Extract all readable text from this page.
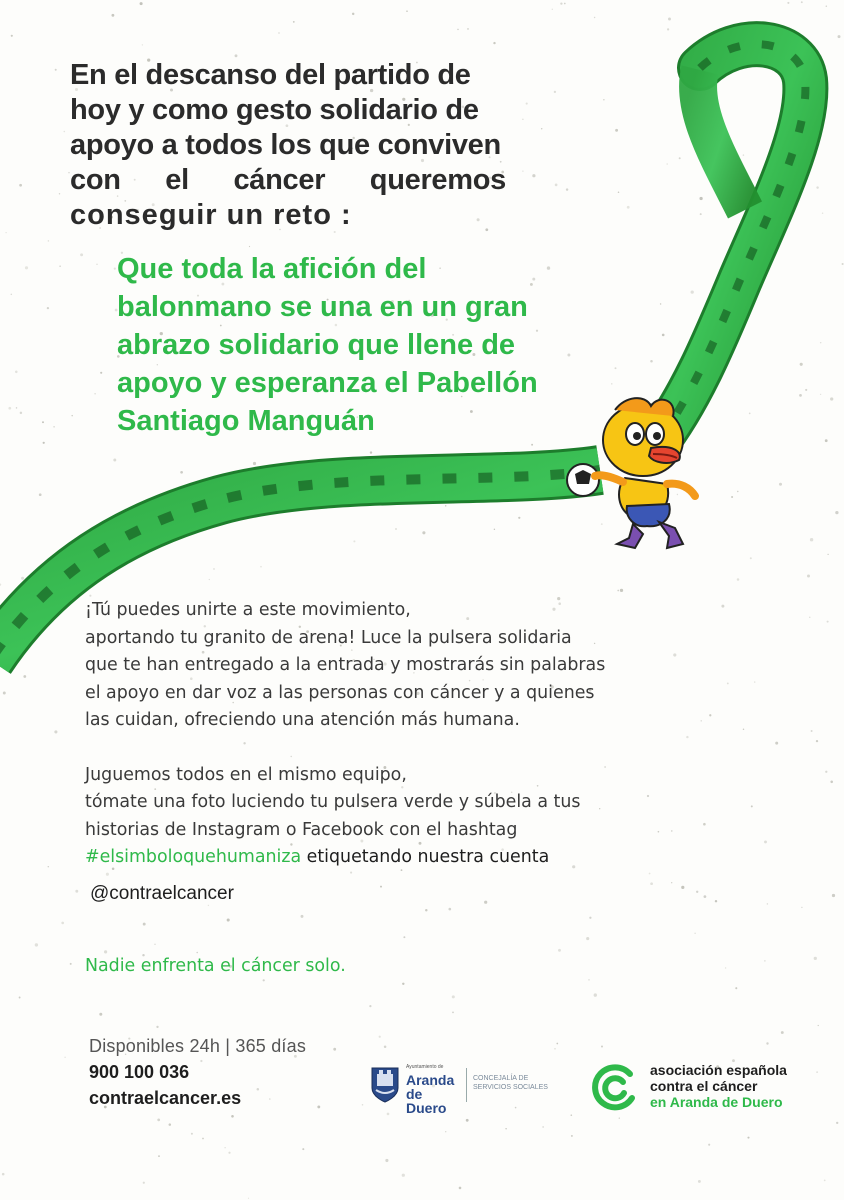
En el descanso del partido de
hoy y como gesto solidario de
apoyo a todos los que conviven
con el cáncer queremos
conseguir un reto :
Que toda la afición del
balonmano se una en un gran
abrazo solidario que llene de
apoyo y esperanza el Pabellón
Santiago Manguán
¡Tú puedes unirte a este movimiento,
aportando tu granito de arena! Luce la pulsera solidaria
que te han entregado a la entrada y mostrarás sin palabras
el apoyo en dar voz a las personas con cáncer y a quienes
las cuidan, ofreciendo una atención más humana.
Juguemos todos en el mismo equipo,
tómate una foto luciendo tu pulsera verde y súbela a tus
historias de Instagram o Facebook con el hashtag
#elsimboloquehumaniza etiquetando nuestra cuenta
@contraelcancer
Nadie enfrenta el cáncer solo.
Disponibles 24h | 365 días
900 100 036
contraelcancer.es
Ayuntamiento de
Aranda de Duero
CONCEJALÍA DE SERVICIOS SOCIALES
asociación española
contra el cáncer
en Aranda de Duero
